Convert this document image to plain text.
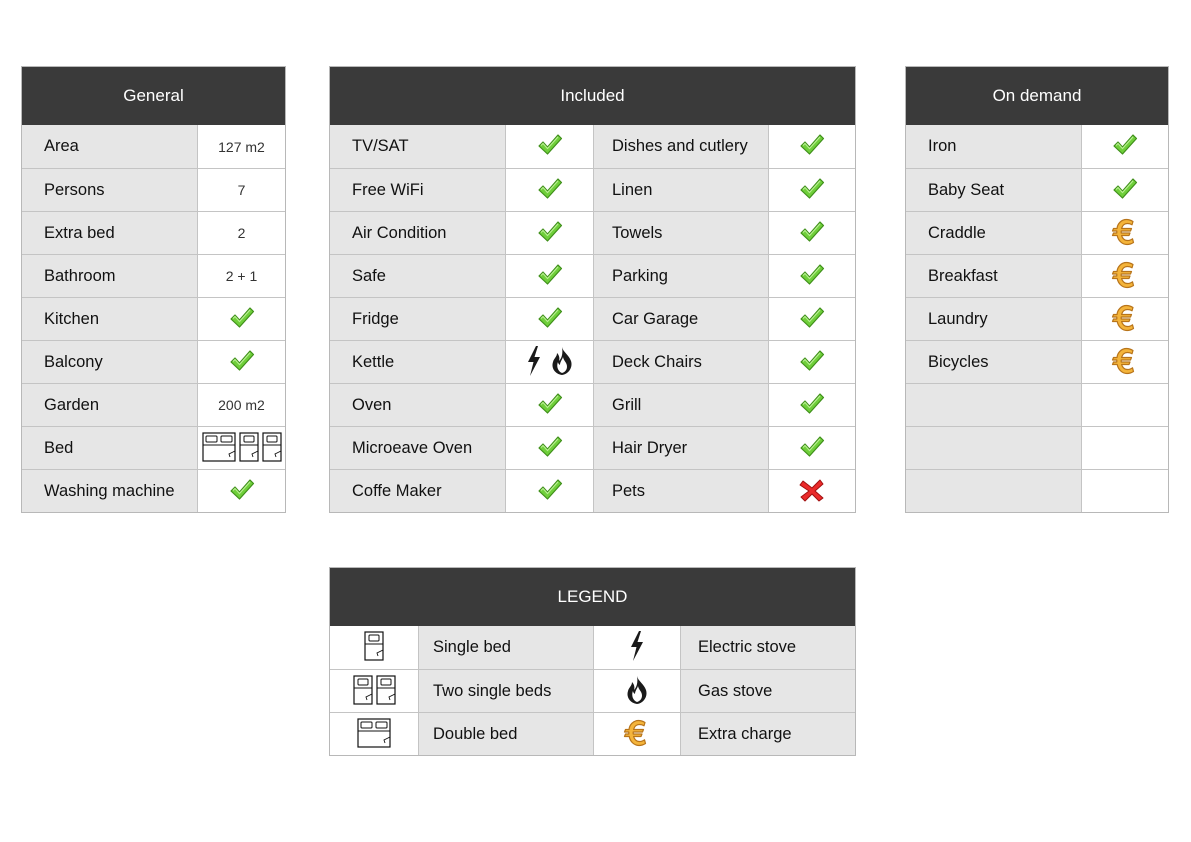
General
Area	127 m2
Persons	7
Extra bed	2
Bathroom	2 + 1
Kitchen
Balcony
Garden	200 m2
Bed
Washing machine
Included
TV/SAT	Dishes and cutlery
Free WiFi	Linen
Air Condition	Towels
Safe	Parking
Fridge	Car Garage
Kettle	Deck Chairs
Oven	Grill
Microeave Oven	Hair Dryer
Coffe Maker	Pets
On demand
Iron
Baby Seat
Craddle
Breakfast
Laundry
Bicycles
LEGEND
Single bed	Electric stove
Two single beds	Gas stove
Double bed	Extra charge
